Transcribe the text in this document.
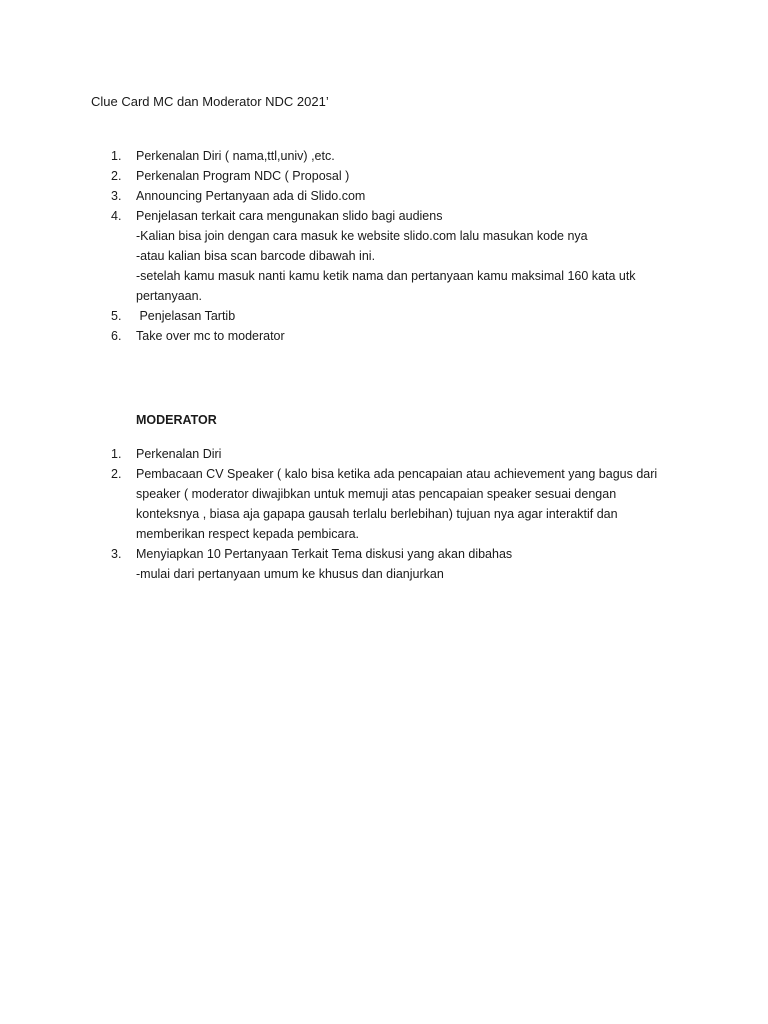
Clue Card MC dan Moderator NDC 2021’
1. Perkenalan Diri ( nama,ttl,univ) ,etc.
2. Perkenalan Program NDC ( Proposal )
3. Announcing Pertanyaan ada di Slido.com
4. Penjelasan terkait cara mengunakan slido bagi audiens
-Kalian bisa join dengan cara masuk ke website slido.com lalu masukan kode nya
-atau kalian bisa scan barcode dibawah ini.
-setelah kamu masuk nanti kamu ketik nama dan pertanyaan kamu maksimal 160 kata utk
pertanyaan.
5. Penjelasan Tartib
6. Take over mc to moderator
MODERATOR
1. Perkenalan Diri
2. Pembacaan CV Speaker ( kalo bisa ketika ada pencapaian atau achievement yang bagus dari
speaker ( moderator diwajibkan untuk memuji atas pencapaian speaker sesuai dengan
konteksnya , biasa aja gapapa gausah terlalu berlebihan) tujuan nya agar interaktif dan
memberikan respect kepada pembicara.
3. Menyiapkan 10 Pertanyaan Terkait Tema diskusi yang akan dibahas
-mulai dari pertanyaan umum ke khusus dan dianjurkan
